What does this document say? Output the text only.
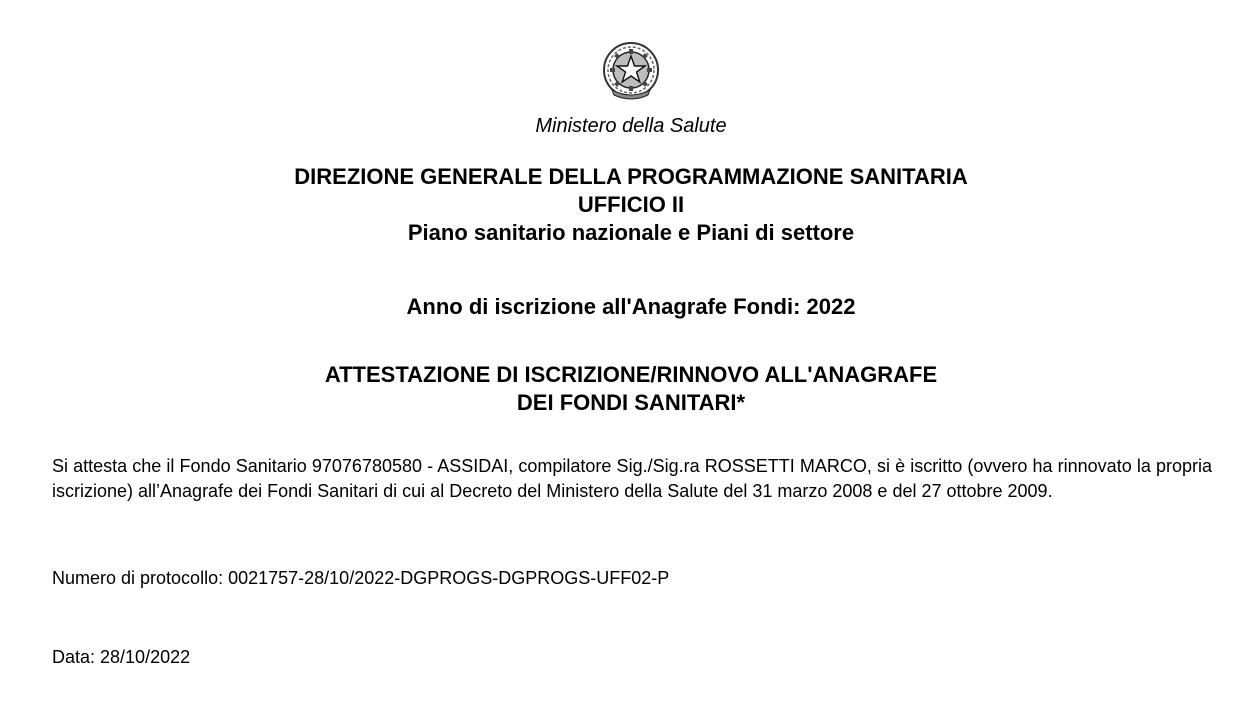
Ministero della Salute
DIREZIONE GENERALE DELLA PROGRAMMAZIONE SANITARIA
UFFICIO II
Piano sanitario nazionale e Piani di settore
Anno di iscrizione all'Anagrafe Fondi: 2022
ATTESTAZIONE DI ISCRIZIONE/RINNOVO ALL'ANAGRAFE
DEI FONDI SANITARI*
Si attesta che il Fondo Sanitario 97076780580 - ASSIDAI, compilatore Sig./Sig.ra ROSSETTI MARCO, si è iscritto (ovvero ha rinnovato la propria iscrizione) all’Anagrafe dei Fondi Sanitari di cui al Decreto del Ministero della Salute del 31 marzo 2008 e del 27 ottobre 2009.
Numero di protocollo: 0021757-28/10/2022-DGPROGS-DGPROGS-UFF02-P
Data: 28/10/2022
